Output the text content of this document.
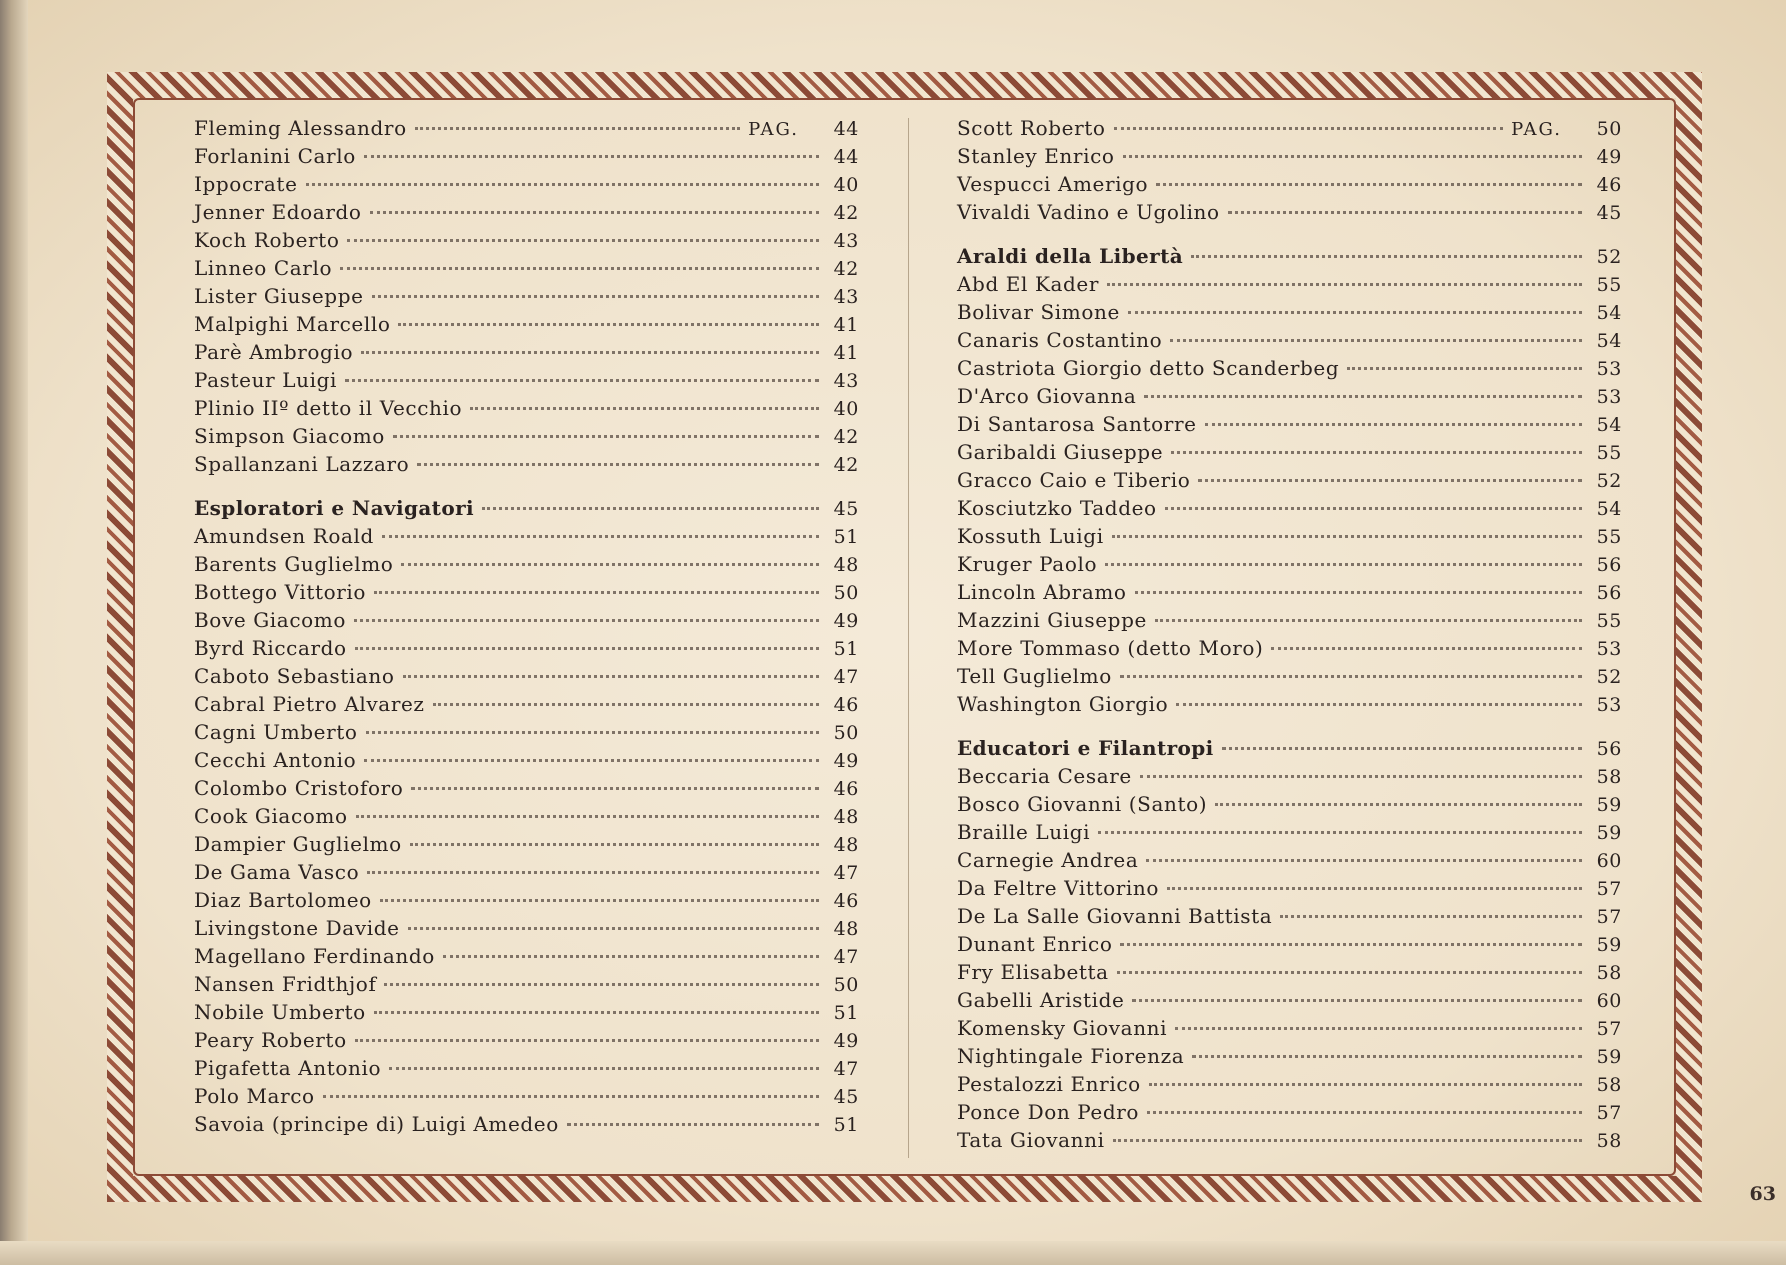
Fleming Alessandro	PAG.	44
Forlanini Carlo	44
Ippocrate	40
Jenner Edoardo	42
Koch Roberto	43
Linneo Carlo	42
Lister Giuseppe	43
Malpighi Marcello	41
Parè Ambrogio	41
Pasteur Luigi	43
Plinio IIº detto il Vecchio	40
Simpson Giacomo	42
Spallanzani Lazzaro	42
Esploratori e Navigatori	45
Amundsen Roald	51
Barents Guglielmo	48
Bottego Vittorio	50
Bove Giacomo	49
Byrd Riccardo	51
Caboto Sebastiano	47
Cabral Pietro Alvarez	46
Cagni Umberto	50
Cecchi Antonio	49
Colombo Cristoforo	46
Cook Giacomo	48
Dampier Guglielmo	48
De Gama Vasco	47
Diaz Bartolomeo	46
Livingstone Davide	48
Magellano Ferdinando	47
Nansen Fridthjof	50
Nobile Umberto	51
Peary Roberto	49
Pigafetta Antonio	47
Polo Marco	45
Savoia (principe di) Luigi Amedeo	51
Scott Roberto	PAG.	50
Stanley Enrico	49
Vespucci Amerigo	46
Vivaldi Vadino e Ugolino	45
Araldi della Libertà	52
Abd El Kader	55
Bolivar Simone	54
Canaris Costantino	54
Castriota Giorgio detto Scanderbeg	53
D'Arco Giovanna	53
Di Santarosa Santorre	54
Garibaldi Giuseppe	55
Gracco Caio e Tiberio	52
Kosciutzko Taddeo	54
Kossuth Luigi	55
Kruger Paolo	56
Lincoln Abramo	56
Mazzini Giuseppe	55
More Tommaso (detto Moro)	53
Tell Guglielmo	52
Washington Giorgio	53
Educatori e Filantropi	56
Beccaria Cesare	58
Bosco Giovanni (Santo)	59
Braille Luigi	59
Carnegie Andrea	60
Da Feltre Vittorino	57
De La Salle Giovanni Battista	57
Dunant Enrico	59
Fry Elisabetta	58
Gabelli Aristide	60
Komensky Giovanni	57
Nightingale Fiorenza	59
Pestalozzi Enrico	58
Ponce Don Pedro	57
Tata Giovanni	58
63
